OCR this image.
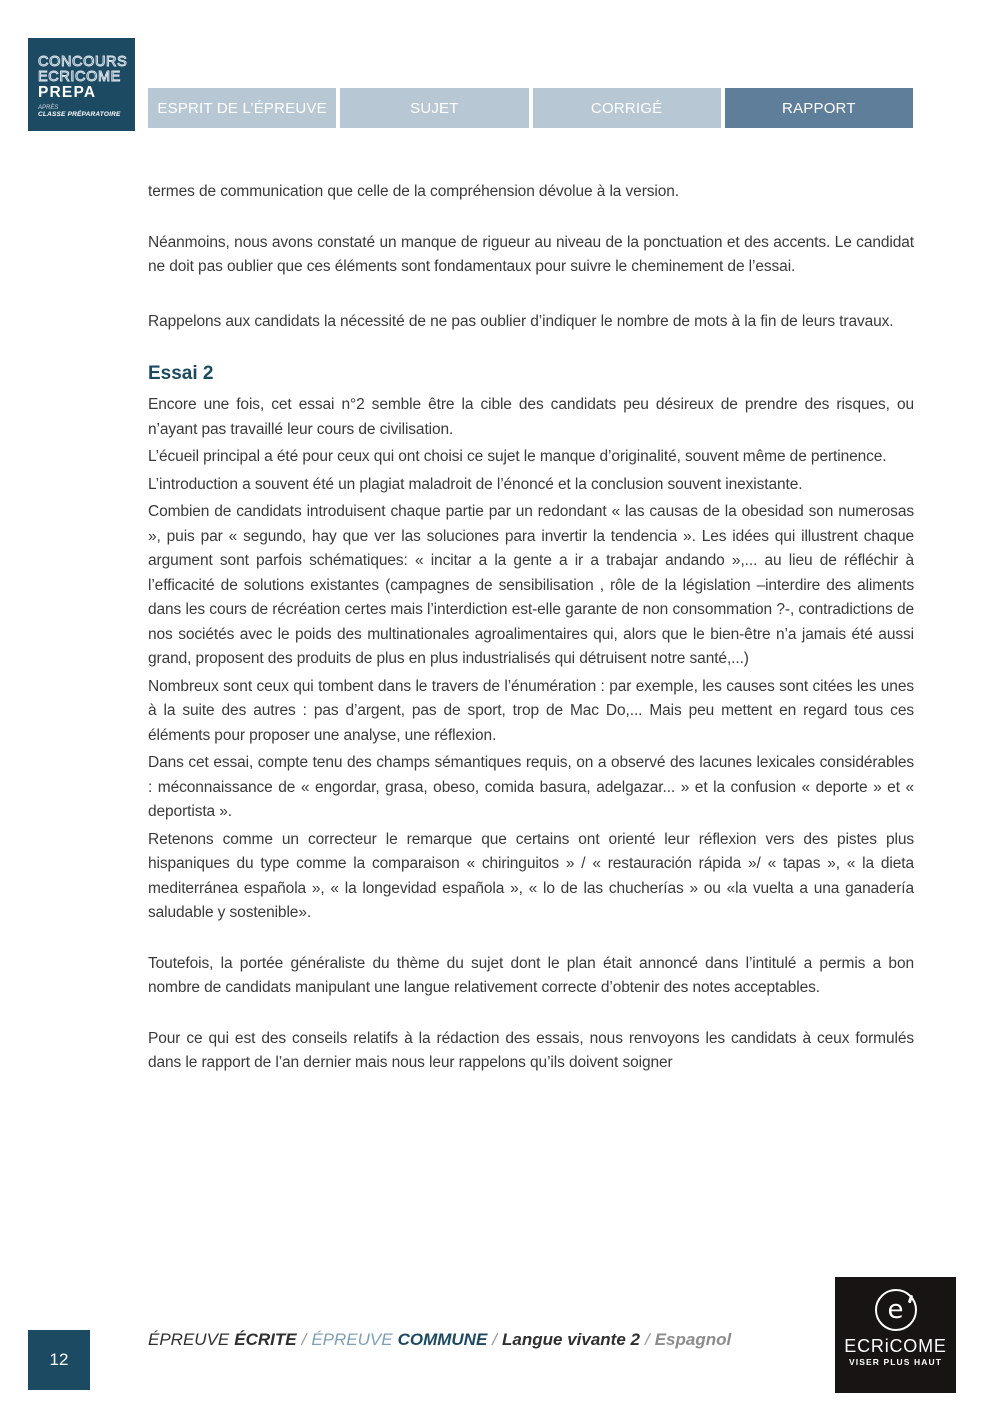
CONCOURS
ECRICOME
PREPA
APRÈS
CLASSE PRÉPARATOIRE	ESPRIT DE L’ÉPREUVE	SUJET	CORRIGÉ	RAPPORT

termes de communication que celle de la compréhension dévolue à la version.

Néanmoins, nous avons constaté un manque de rigueur au niveau de la ponctuation et des accents. Le candidat ne doit pas oublier que ces éléments sont fondamentaux pour suivre le cheminement de l’essai.

Rappelons aux candidats la nécessité de ne pas oublier d’indiquer le nombre de mots à la fin de leurs travaux.

Essai 2

Encore une fois, cet essai n°2 semble être la cible des candidats peu désireux de prendre des risques, ou n’ayant pas travaillé leur cours de civilisation.

L’écueil principal a été pour ceux qui ont choisi ce sujet le manque d’originalité, souvent même de pertinence.

L’introduction a souvent été un plagiat maladroit de l’énoncé et la conclusion souvent inexistante.

Combien de candidats introduisent chaque partie par un redondant « las causas de la obesidad son numerosas », puis par « segundo, hay que ver las soluciones para invertir la tendencia ». Les idées qui illustrent chaque argument sont parfois schématiques: « incitar a la gente a ir a trabajar andando »,... au lieu de réfléchir à l’efficacité de solutions existantes (campagnes de sensibilisation , rôle de la législation –interdire des aliments dans les cours de récréation certes mais l’interdiction est-elle garante de non consommation ?-, contradictions de nos sociétés avec le poids des multinationales agroalimentaires qui, alors que le bien-être n’a jamais été aussi grand, proposent des produits de plus en plus industrialisés qui détruisent notre santé,...)

Nombreux sont ceux qui tombent dans le travers de l’énumération : par exemple, les causes sont citées les unes à la suite des autres : pas d’argent, pas de sport, trop de Mac Do,... Mais peu mettent en regard tous ces éléments pour proposer une analyse, une réflexion.

Dans cet essai, compte tenu des champs sémantiques requis, on a observé des lacunes lexicales considérables : méconnaissance de « engordar, grasa, obeso, comida basura, adelgazar... » et la confusion « deporte » et « deportista ».

Retenons comme un correcteur le remarque que certains ont orienté leur réflexion vers des pistes plus hispaniques du type comme la comparaison « chiringuitos » / « restauración rápida »/ « tapas », « la dieta mediterránea española », « la longevidad española », « lo de las chucherías » ou «la vuelta a una ganadería saludable y sostenible».

Toutefois, la portée généraliste du thème du sujet dont le plan était annoncé dans l’intitulé a permis a bon nombre de candidats manipulant une langue relativement correcte d’obtenir des notes acceptables.

Pour ce qui est des conseils relatifs à la rédaction des essais, nous renvoyons les candidats à ceux formulés dans le rapport de l’an dernier mais nous leur rappelons qu’ils doivent soigner

12
ÉPREUVE ÉCRITE / ÉPREUVE COMMUNE / Langue vivante 2 / Espagnol
e
ECRiCOME
VISER PLUS HAUT
